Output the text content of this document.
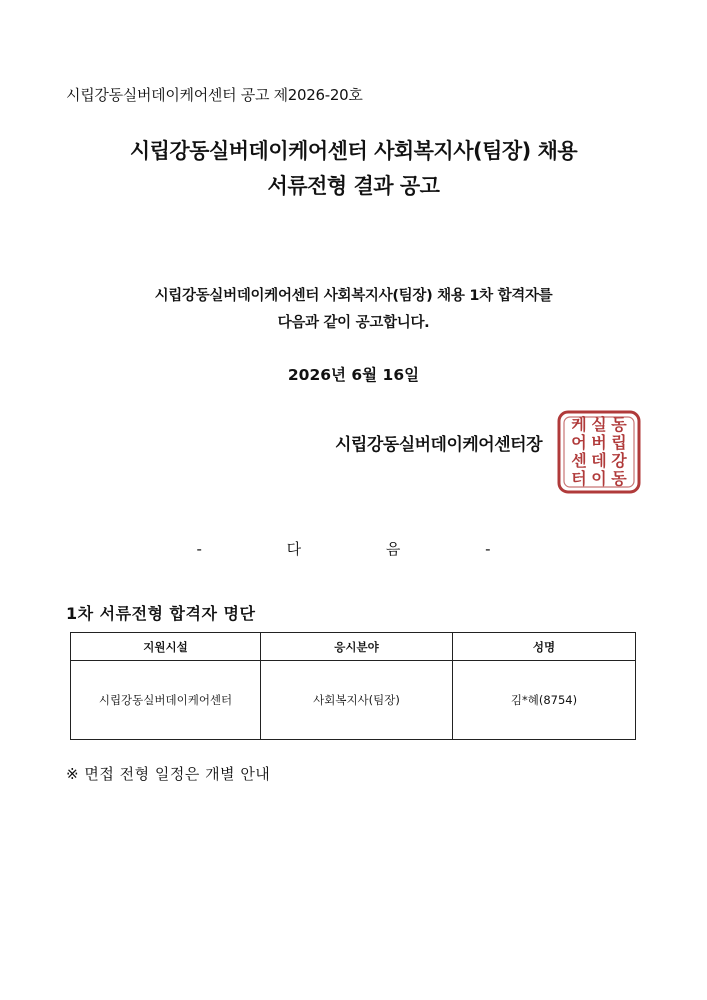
시립강동실버데이케어센터 공고 제2026-20호
시립강동실버데이케어센터 사회복지사(팀장) 채용
서류전형 결과 공고
시립강동실버데이케어센터 사회복지사(팀장) 채용 1차 합격자를
다음과 같이 공고합니다.
2026년 6월 16일
동
립
강
동
실
버
데
이
케
어
센
터
시립강동실버데이케어센터장
- 다 음 -
1차 서류전형 합격자 명단
지원시설	응시분야	성명
시립강동실버데이케어센터	사회복지사(팀장)	김*혜(8754)
※ 면접 전형 일정은 개별 안내
